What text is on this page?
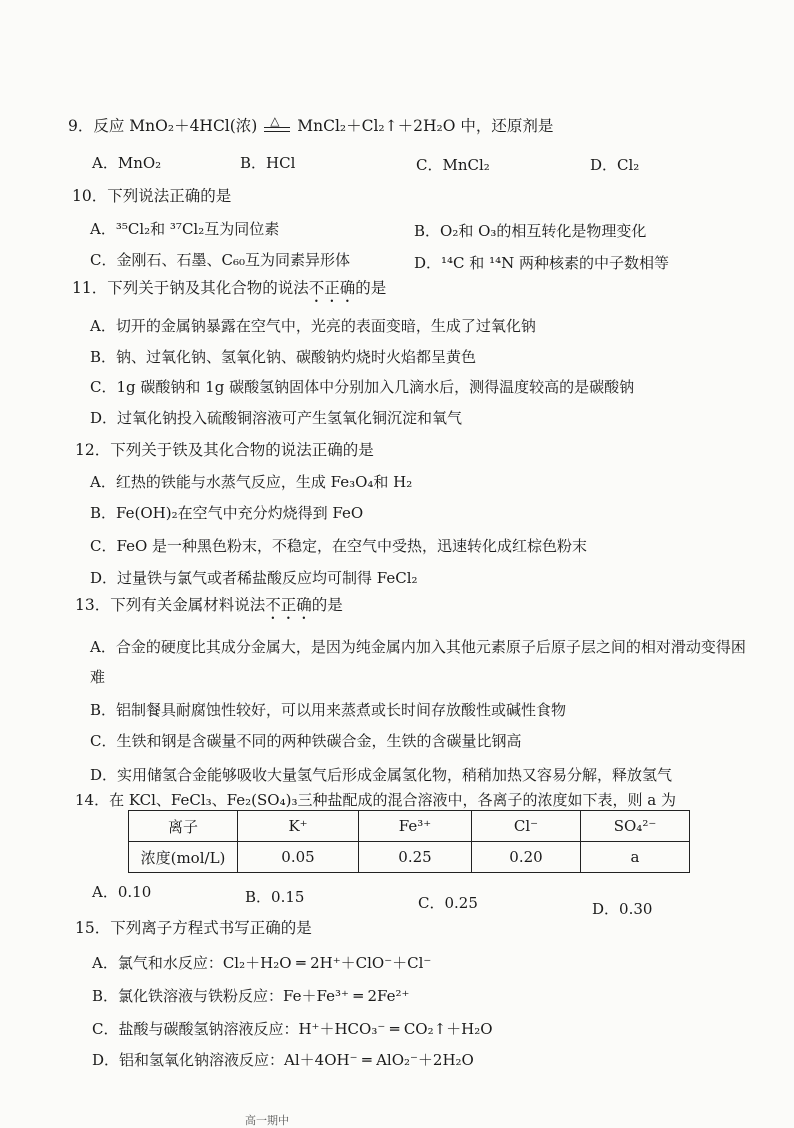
9．反应 MnO₂＋4HCl(浓) △ MnCl₂＋Cl₂↑＋2H₂O 中，还原剂是
A．MnO₂	B．HCl	C．MnCl₂	D．Cl₂
10．下列说法正确的是
A．³⁵Cl₂和 ³⁷Cl₂互为同位素	B．O₂和 O₃的相互转化是物理变化
C．金刚石、石墨、C₆₀互为同素异形体	D．¹⁴C 和 ¹⁴N 两种核素的中子数相等
11．下列关于钠及其化合物的说法不正确的是
A．切开的金属钠暴露在空气中，光亮的表面变暗，生成了过氧化钠
B．钠、过氧化钠、氢氧化钠、碳酸钠灼烧时火焰都呈黄色
C．1g 碳酸钠和 1g 碳酸氢钠固体中分别加入几滴水后，测得温度较高的是碳酸钠
D．过氧化钠投入硫酸铜溶液可产生氢氧化铜沉淀和氧气
12．下列关于铁及其化合物的说法正确的是
A．红热的铁能与水蒸气反应，生成 Fe₃O₄和 H₂
B．Fe(OH)₂在空气中充分灼烧得到 FeO
C．FeO 是一种黑色粉末，不稳定，在空气中受热，迅速转化成红棕色粉末
D．过量铁与氯气或者稀盐酸反应均可制得 FeCl₂
13．下列有关金属材料说法不正确的是
A．合金的硬度比其成分金属大，是因为纯金属内加入其他元素原子后原子层之间的相对滑动变得困难
B．铝制餐具耐腐蚀性较好，可以用来蒸煮或长时间存放酸性或碱性食物
C．生铁和钢是含碳量不同的两种铁碳合金，生铁的含碳量比钢高
D．实用储氢合金能够吸收大量氢气后形成金属氢化物，稍稍加热又容易分解，释放氢气
14．在 KCl、FeCl₃、Fe₂(SO₄)₃三种盐配成的混合溶液中，各离子的浓度如下表，则 a 为
离子	K⁺	Fe³⁺	Cl⁻	SO₄²⁻
浓度(mol/L)	0.05	0.25	0.20	a
A．0.10	B．0.15	C．0.25	D．0.30
15．下列离子方程式书写正确的是
A．氯气和水反应：Cl₂＋H₂O ═ 2H⁺＋ClO⁻＋Cl⁻
B．氯化铁溶液与铁粉反应：Fe＋Fe³⁺ ═ 2Fe²⁺
C．盐酸与碳酸氢钠溶液反应：H⁺＋HCO₃⁻ ═ CO₂↑＋H₂O
D．铝和氢氧化钠溶液反应：Al＋4OH⁻ ═ AlO₂⁻＋2H₂O
高一期中
